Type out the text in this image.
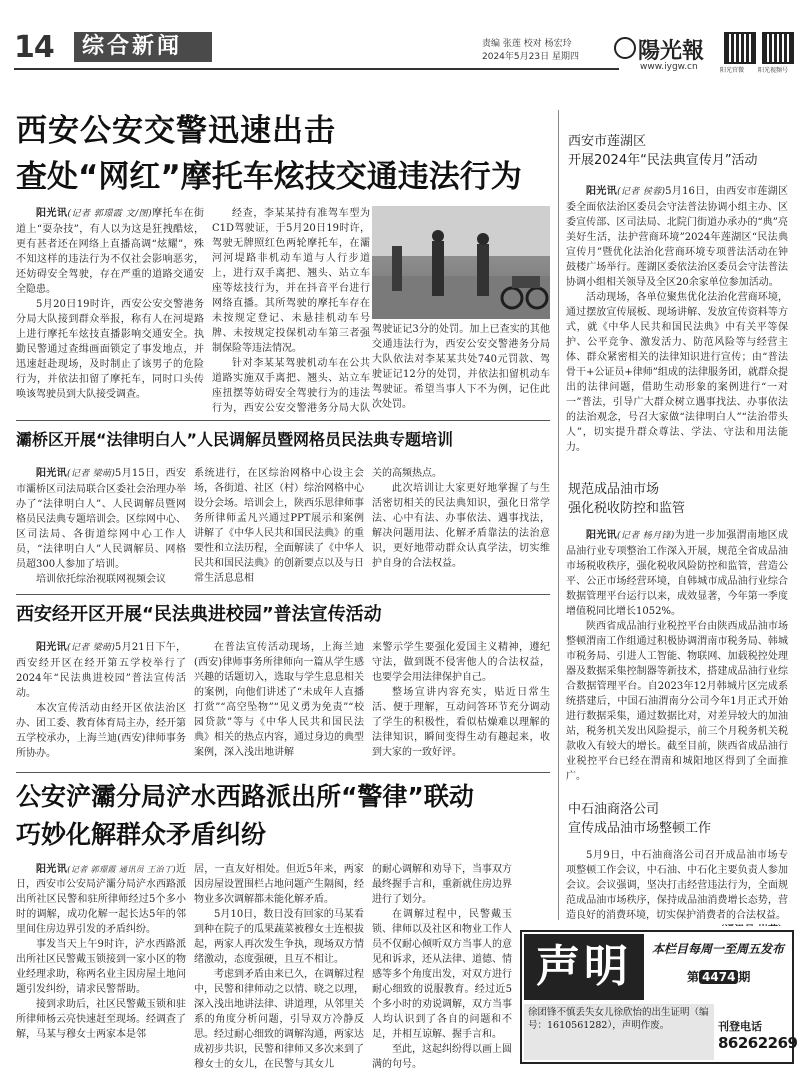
14	综合新闻	责编 张莲 校对 杨宏玲
2024年5月23日 星期四	陽光報
www.iygw.cn	阳光官微 阳光视频号
西安公安交警迅速出击
查处“网红”摩托车炫技交通违法行为

阳光讯(记者 郭璟霞 文/图)摩托车在街道上“耍杂技”，有人以为这是狂拽酷炫，更有甚者还在网络上直播高调“炫耀”，殊不知这样的违法行为不仅社会影响恶劣，还妨碍安全驾驶，存在严重的道路交通安全隐患。

5月20日19时许，西安公安交警港务分局大队接到群众举报，称有人在河堤路上进行摩托车炫技直播影响交通安全。执勤民警通过查缉画面锁定了事发地点，并迅速赶赴现场，及时制止了该男子的危险行为，并依法扣留了摩托车，同时口头传唤该驾驶员到大队接受调查。

经查，李某某持有准驾车型为C1D驾驶证，于5月20日19时许，驾驶无牌照红色两轮摩托车，在灞河河堤路非机动车道与人行步道上，进行双手离把、翘头、站立车座等炫技行为，并在抖音平台进行网络直播。其所驾驶的摩托车存在未按规定登记、未悬挂机动车号牌、未按规定投保机动车第三者强制保险等违法情况。

针对李某某驾驶机动车在公共道路实施双手离把、翘头、站立车座扭摆等妨碍安全驾驶行为的违法行为，西安公安交警港务分局大队

驾驶证记3分的处罚。加上已查实的其他交通违法行为，西安公安交警港务分局大队依法对李某某共处740元罚款、驾驶证记12分的处罚，并依法扣留机动车驾驶证。希望当事人下不为例，记住此次处罚。

灞桥区开展“法律明白人”人民调解员暨网格员民法典专题培训

阳光讯(记者 梁萌)5月15日，西安市灞桥区司法局联合区委社会治理办举办了“法律明白人”、人民调解员暨网格员民法典专题培训会。区综网中心、区司法局、各街道综网中心工作人员，“法律明白人”人民调解员、网格员超300人参加了培训。

培训依托综治视联网视频会议

系统进行，在区综治网格中心设主会场，各街道、社区（村）综治网格中心设分会场。培训会上，陕西乐思律师事务所律师孟凡兴通过PPT展示和案例讲解了《中华人民共和国民法典》的重要性和立法历程，全面解读了《中华人民共和国民法典》的创新要点以及与日常生活息息相

关的高频热点。

此次培训让大家更好地掌握了与生活密切相关的民法典知识，强化日常学法、心中有法、办事依法、遇事找法，解决问题用法、化解矛盾靠法的法治意识，更好地带动群众认真学法，切实维护自身的合法权益。

西安经开区开展“民法典进校园”普法宣传活动

阳光讯(记者 梁萌)5月21日下午，西安经开区在经开第五学校举行了2024年“民法典进校园”普法宣传活动。

本次宣传活动由经开区依法治区办、团工委、教育体育局主办，经开第五学校承办，上海兰迪(西安)律师事务所协办。

在普法宣传活动现场，上海兰迪(西安)律师事务所律师向一篇从学生感兴趣的话题切入，选取与学生息息相关的案例，向他们讲述了“未成年人直播打赏”“高空坠物”“见义勇为免责”“校园贷款”等与《中华人民共和国民法典》相关的热点内容，通过身边的典型案例，深入浅出地讲解

来警示学生要强化爱国主义精神，遵纪守法，做到既不侵害他人的合法权益，也要学会用法律保护自己。

整场宣讲内容充实，贴近日常生活、便于理解，互动问答环节充分调动了学生的积极性，看似枯燥难以理解的法律知识，瞬间变得生动有趣起来，收到大家的一致好评。

公安浐灞分局浐水西路派出所“警律”联动
巧妙化解群众矛盾纠纷

阳光讯(记者 郭璟霞 通讯员 王治丁)近日，西安市公安局浐灞分局浐水西路派出所社区民警和驻所律师经过5个多小时的调解，成功化解一起长达5年的邻里间住房边界引发的矛盾纠纷。

事发当天上午9时许，浐水西路派出所社区民警戴玉锁接到一家小区的物业经理求助，称两名业主因房屋土地问题引发纠纷，请求民警帮助。

接到求助后，社区民警戴玉锁和驻所律师杨云亮快速赶至现场。经调查了解，马某与穆女士两家本是邻

居，一直友好相处。但近5年来，两家因房屋设置围栏占地问题产生隔阂，经物业多次调解都未能化解矛盾。

5月10日，数日没有回家的马某看到种在院子的瓜果蔬菜被穆女士连根拔起，两家人再次发生争执，现场双方情绪激动，态度强硬，且互不相让。

考虑到矛盾由来已久，在调解过程中，民警和律师动之以情、晓之以理，深入浅出地讲法律、讲道理，从邻里关系的角度分析问题，引导双方冷静反思。经过耐心细致的调解沟通，两家达成初步共识，民警和律师又多次来到了穆女士的女儿，在民警与其女儿

的耐心调解和劝导下，当事双方最终握手言和，重新就住房边界进行了划分。

在调解过程中，民警戴玉锁、律师以及社区和物业工作人员不仅耐心倾听双方当事人的意见和诉求，还从法律、道德、情感等多个角度出发，对双方进行耐心细致的说服教育。经过近5个多小时的劝说调解，双方当事人均认识到了各自的问题和不足，并相互谅解、握手言和。

至此，这起纠纷得以画上圆满的句号。

西安市莲湖区
开展2024年“民法典宣传月”活动

阳光讯(记者 侯蓉)5月16日，由西安市莲湖区委全面依法治区委员会守法普法协调小组主办、区委宣传部、区司法局、北院门街道办承办的“典”亮美好生活，法护营商环境”2024年莲湖区“民法典宣传月”暨优化法治化营商环境专项普法活动在钟鼓楼广场举行。莲湖区委依法治区委员会守法普法协调小组相关领导及全区20余家单位参加活动。

活动现场，各单位聚焦优化法治化营商环境，通过摆放宣传展板、现场讲解、发放宣传资料等方式，就《中华人民共和国民法典》中有关平等保护、公平竞争、激发活力、防范风险等与经营主体、群众紧密相关的法律知识进行宣传；由“普法骨干+公证员+律师”组成的法律服务团，就群众提出的法律问题，借助生动形象的案例进行“一对一”普法，引导广大群众树立遇事找法、办事依法的法治观念，号召大家做“法律明白人”“法治带头人”，切实提升群众尊法、学法、守法和用法能力。

规范成品油市场
强化税收防控和监管

阳光讯(记者 杨月锋)为进一步加强渭南地区成品油行业专项整治工作深入开展，规范全省成品油市场税收秩序，强化税收风险防控和监管，营造公平、公正市场经营环境，自韩城市成品油行业综合数据管理平台运行以来，成效显著，今年第一季度增值税同比增长1052%。

陕西省成品油行业税控平台由陕西成品油市场整顿渭南工作组通过积极协调渭南市税务局、韩城市税务局、引进人工智能、物联网、加载税控处理器及数据采集控制器等新技术，搭建成品油行业综合数据管理平台。自2023年12月韩城片区完成系统搭建后，中国石油渭南分公司今年1月正式开始进行数据采集，通过数据比对，对差异较大的加油站，税务机关发出风险提示，前三个月税务机关税款收入有较大的增长。截至目前，陕西省成品油行业税控平台已经在渭南和城阳地区得到了全面推广。

中石油商洛公司
宣传成品油市场整顿工作

5月9日，中石油商洛公司召开成品油市场专项整顿工作会议，中石油、中石化主要负责人参加会议。会议强调，坚决打击经营违法行为，全面规范成品油市场秩序，保持成品油消费增长态势，营造良好的消费环境，切实保护消费者的合法权益。

声明	本栏目每周一至周五发布
第 4474 期
徐团锋不慎丢失女儿徐欣怡的出生证明（编号：1610561282），声明作废。	刊登电话
86262269
